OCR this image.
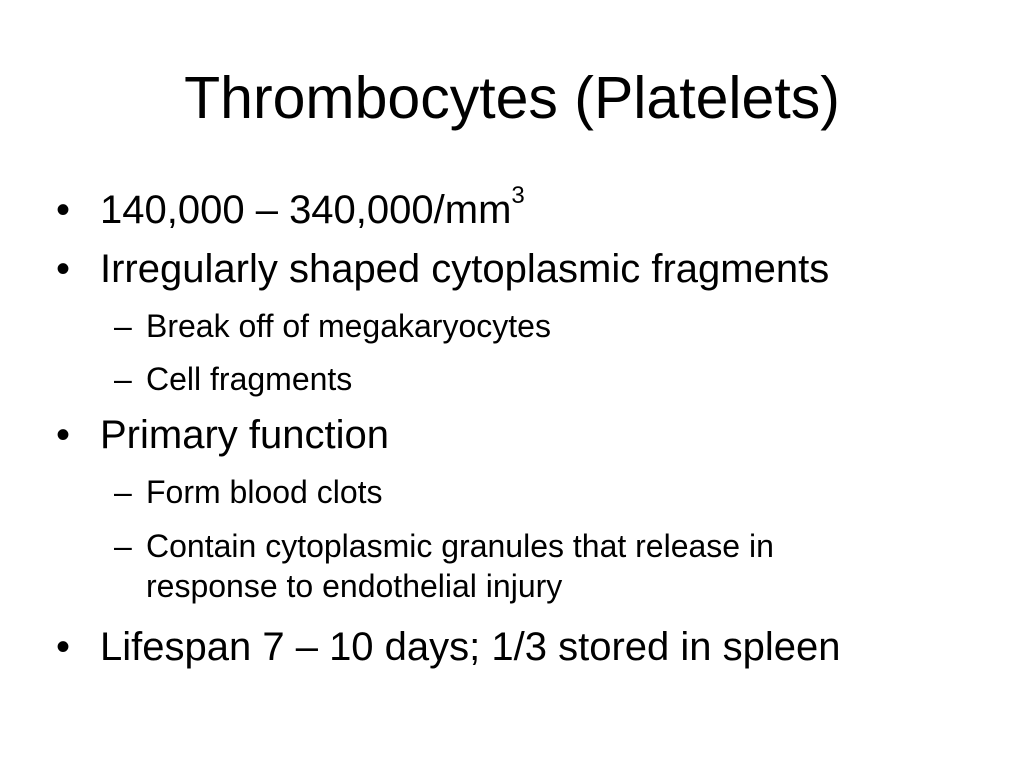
Thrombocytes (Platelets)
• $140,000 - 340,000/mm^3$
• Irregularly shaped cytoplasmic fragments
– Break off of megakaryocytes
– Cell fragments
• Primary function
– Form blood clots
– Contain cytoplasmic granules that release in
response to endothelial injury
• Lifespan 7 – 10 days; 1/3 stored in spleen
